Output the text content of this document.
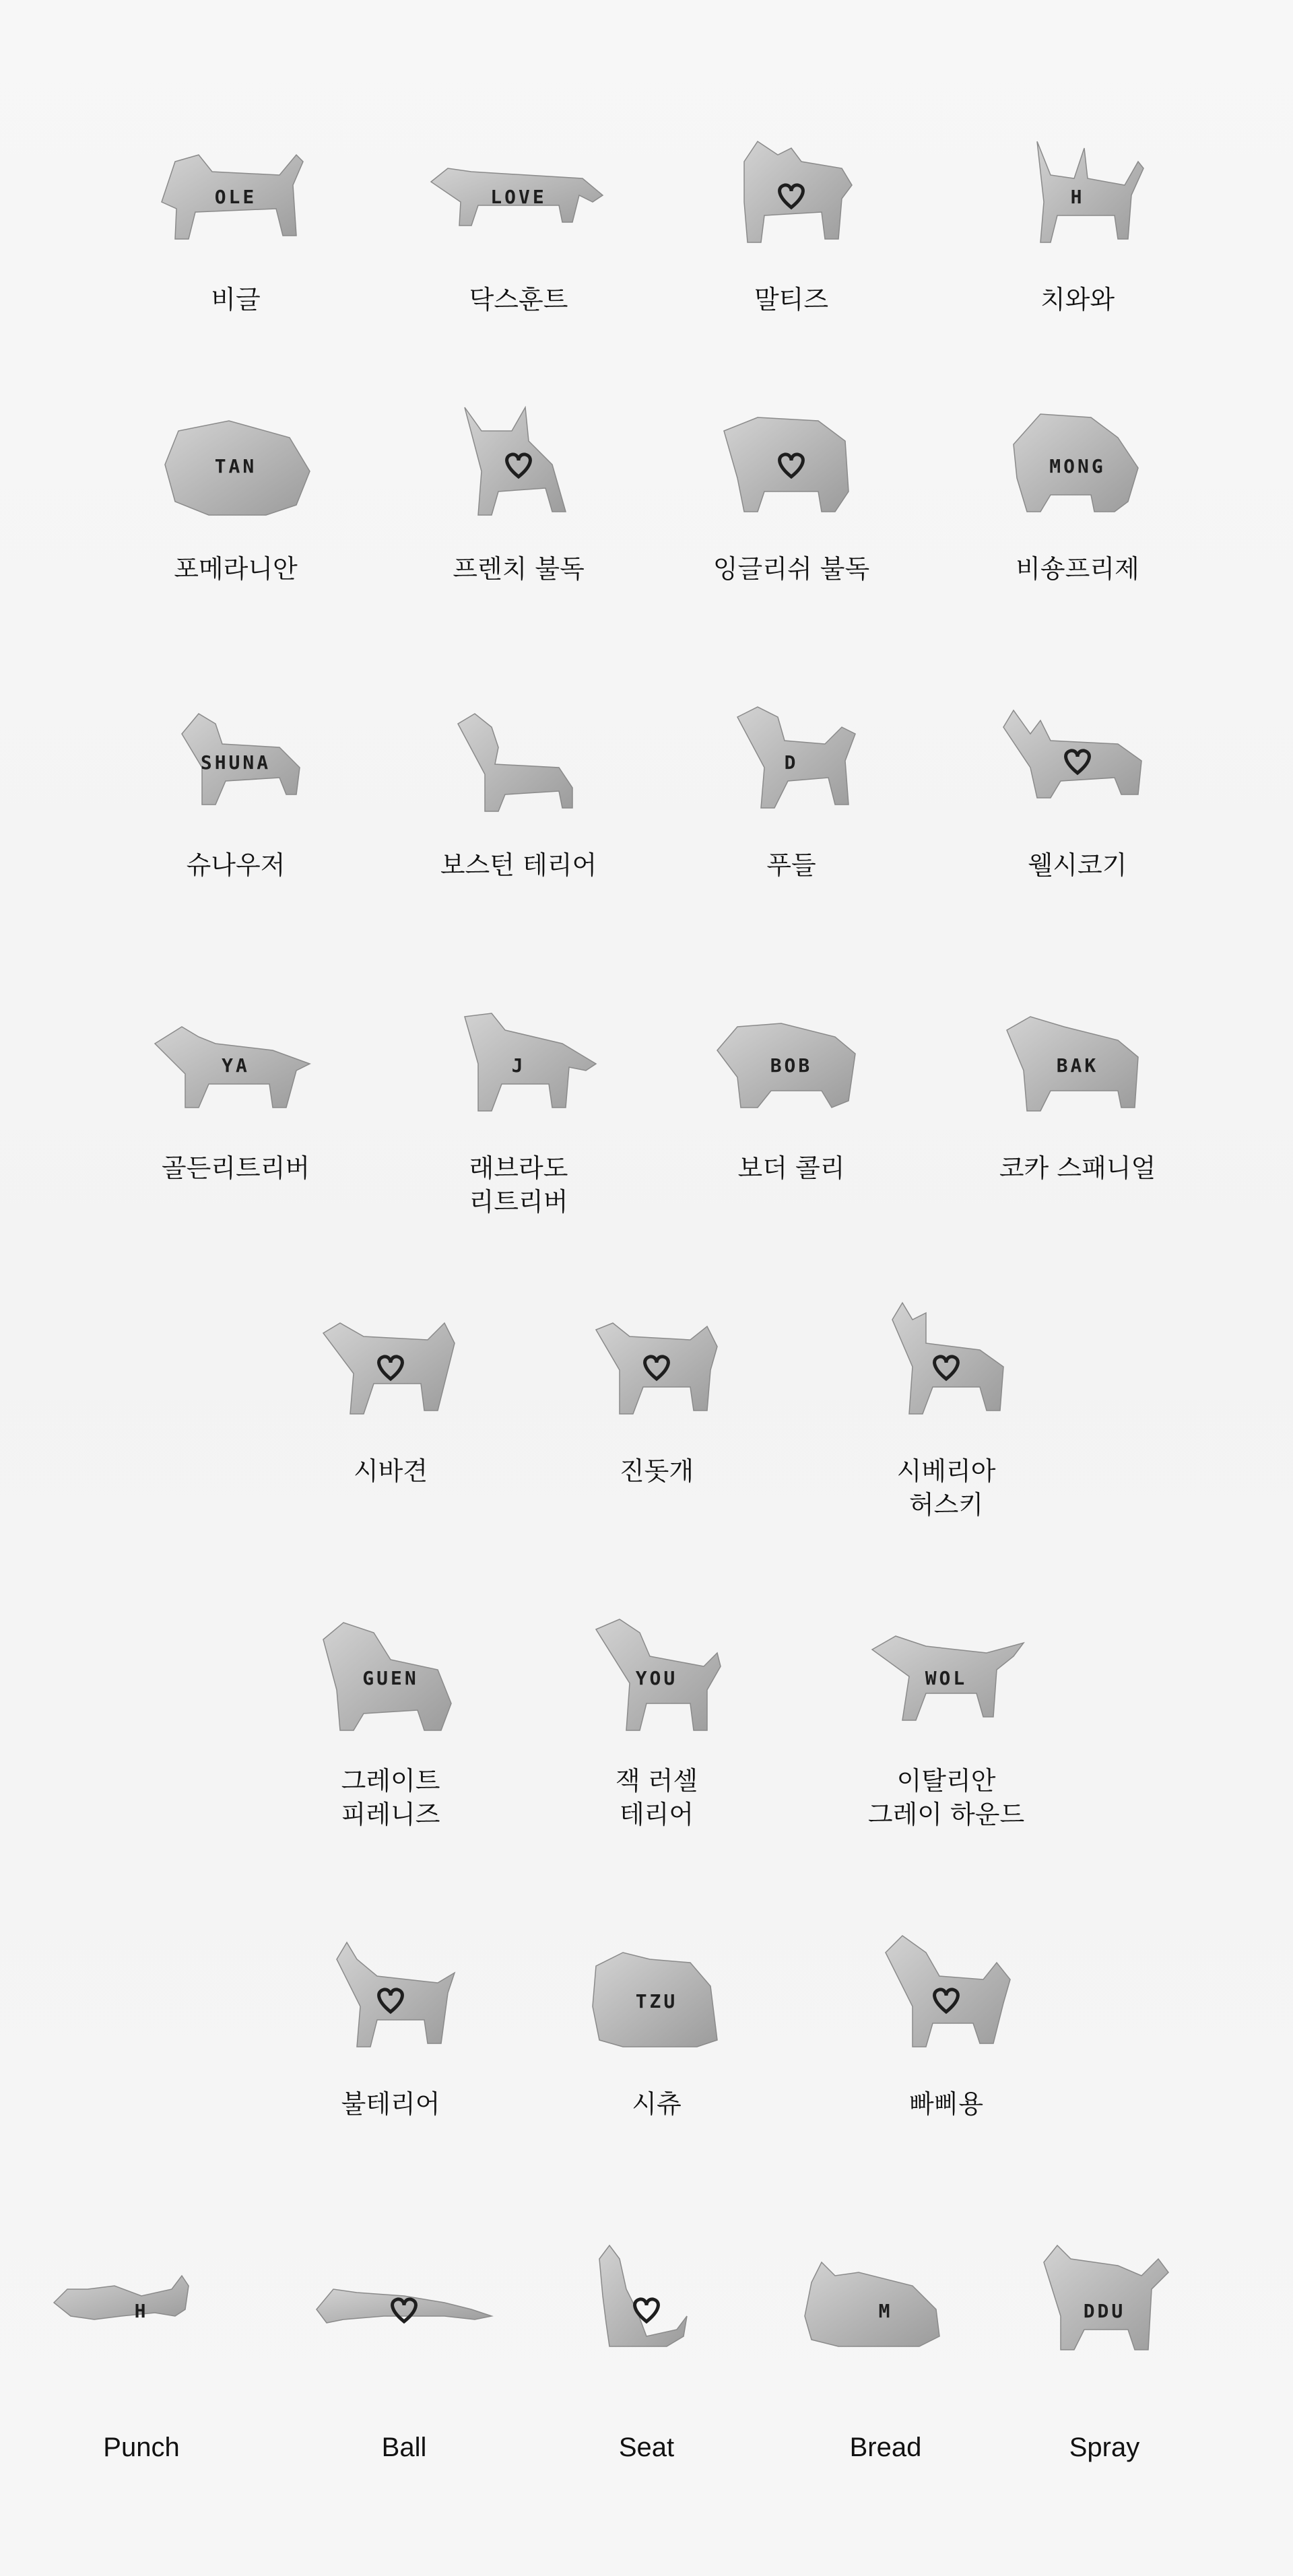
OLE
비글
LOVE
닥스훈트	말티즈
H
치와와
TAN
포메라니안	프렌치 불독	잉글리쉬 불독
MONG
비숑프리제
SHUNA
슈나우저	보스턴 테리어
D
푸들	웰시코기
YA
골든리트리버
J
래브라도
리트리버
BOB
보더 콜리
BAK
코카 스패니얼
시바견	진돗개	시베리아
허스키
GUEN
그레이트
피레니즈
YOU
잭 러셀
테리어
WOL
이탈리안
그레이 하운드
불테리어
TZU
시츄	빠삐용
H
Punch	Ball	Seat
M
Bread
DDU
Spray
